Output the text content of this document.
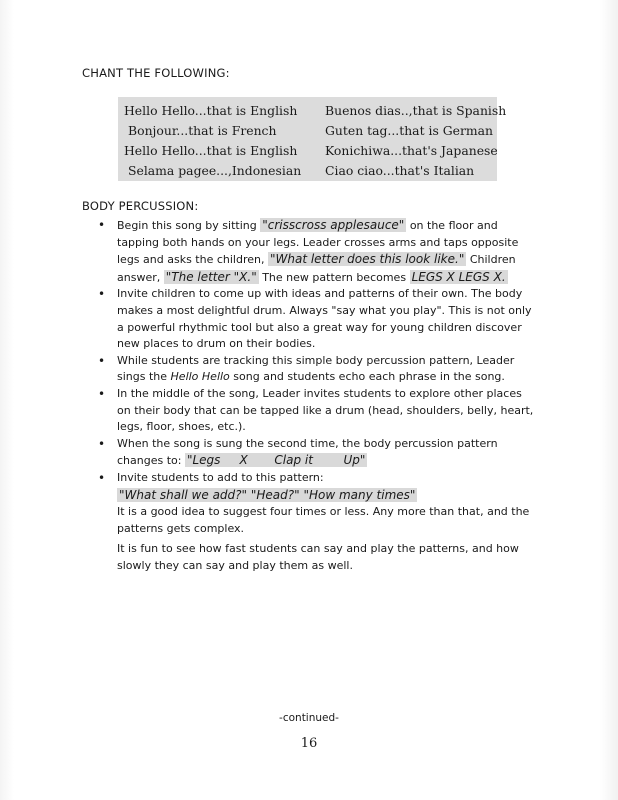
CHANT THE FOLLOWING:
Hello Hello...that is English
Bonjour...that is French
Hello Hello...that is English
Selama pagee...,Indonesian
Buenos dias..,that is Spanish
Guten tag...that is German
Konichiwa...that's Japanese
Ciao ciao...that's Italian
BODY PERCUSSION:
• Begin this song by sitting "crisscross applesauce" on the floor and tapping both hands on your legs. Leader crosses arms and taps opposite legs and asks the children, "What letter does this look like." Children answer, "The letter "X." The new pattern becomes LEGS X LEGS X.
• Invite children to come up with ideas and patterns of their own. The body makes a most delightful drum. Always "say what you play". This is not only a powerful rhythmic tool but also a great way for young children discover new places to drum on their bodies.
• While students are tracking this simple body percussion pattern, Leader sings the Hello Hello song and students echo each phrase in the song.
• In the middle of the song, Leader invites students to explore other places on their body that can be tapped like a drum (head, shoulders, belly, heart, legs, floor, shoes, etc.).
• When the song is sung the second time, the body percussion pattern changes to: "Legs     X       Clap it        Up"
• Invite students to add to this pattern:
"What shall we add?" "Head?" "How many times"
It is a good idea to suggest four times or less. Any more than that, and the patterns gets complex.
It is fun to see how fast students can say and play the patterns, and how slowly they can say and play them as well.
-continued-
16
